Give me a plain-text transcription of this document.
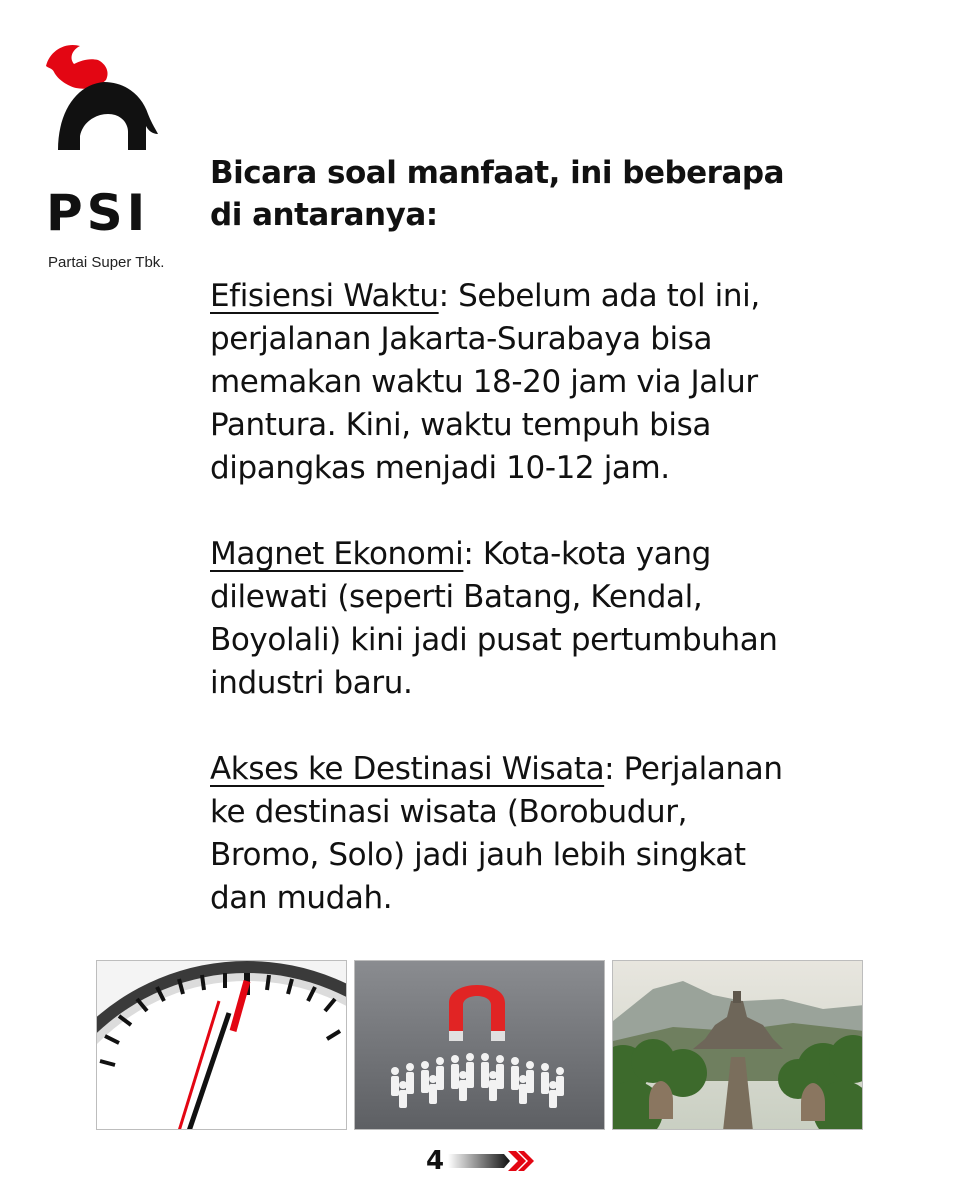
PSI
Partai Super Tbk.
Bicara soal manfaat, ini beberapa
di antaranya:
Efisiensi Waktu: Sebelum ada tol ini,
perjalanan Jakarta-Surabaya bisa
memakan waktu 18-20 jam via Jalur
Pantura. Kini, waktu tempuh bisa
dipangkas menjadi 10-12 jam.
Magnet Ekonomi: Kota-kota yang
dilewati (seperti Batang, Kendal,
Boyolali) kini jadi pusat pertumbuhan
industri baru.
Akses ke Destinasi Wisata: Perjalanan
ke destinasi wisata (Borobudur,
Bromo, Solo) jadi jauh lebih singkat
dan mudah.
4
